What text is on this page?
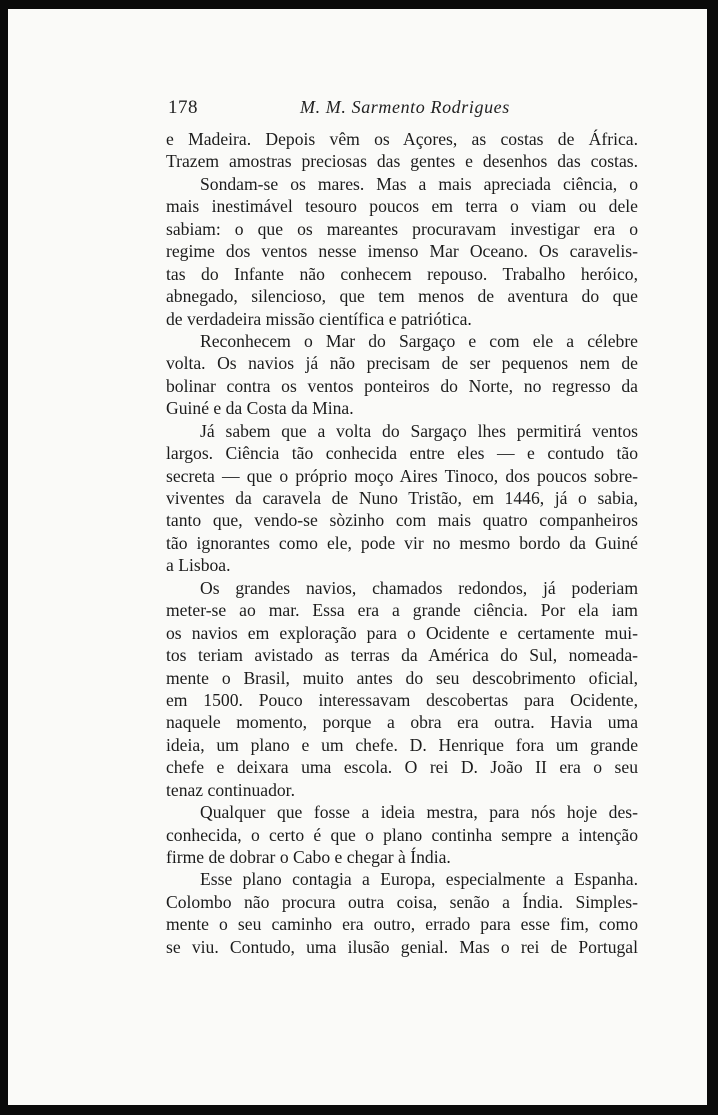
178	M. M. Sarmento Rodrigues
e Madeira. Depois vêm os Açores, as costas de África.
Trazem amostras preciosas das gentes e desenhos das costas.
Sondam-se os mares. Mas a mais apreciada ciência, o
mais inestimável tesouro poucos em terra o viam ou dele
sabiam: o que os mareantes procuravam investigar era o
regime dos ventos nesse imenso Mar Oceano. Os caravelis-
tas do Infante não conhecem repouso. Trabalho heróico,
abnegado, silencioso, que tem menos de aventura do que
de verdadeira missão científica e patriótica.
Reconhecem o Mar do Sargaço e com ele a célebre
volta. Os navios já não precisam de ser pequenos nem de
bolinar contra os ventos ponteiros do Norte, no regresso da
Guiné e da Costa da Mina.
Já sabem que a volta do Sargaço lhes permitirá ventos
largos. Ciência tão conhecida entre eles — e contudo tão
secreta — que o próprio moço Aires Tinoco, dos poucos sobre-
viventes da caravela de Nuno Tristão, em 1446, já o sabia,
tanto que, vendo-se sòzinho com mais quatro companheiros
tão ignorantes como ele, pode vir no mesmo bordo da Guiné
a Lisboa.
Os grandes navios, chamados redondos, já poderiam
meter-se ao mar. Essa era a grande ciência. Por ela iam
os navios em exploração para o Ocidente e certamente mui-
tos teriam avistado as terras da América do Sul, nomeada-
mente o Brasil, muito antes do seu descobrimento oficial,
em 1500. Pouco interessavam descobertas para Ocidente,
naquele momento, porque a obra era outra. Havia uma
ideia, um plano e um chefe. D. Henrique fora um grande
chefe e deixara uma escola. O rei D. João II era o seu
tenaz continuador.
Qualquer que fosse a ideia mestra, para nós hoje des-
conhecida, o certo é que o plano continha sempre a intenção
firme de dobrar o Cabo e chegar à Índia.
Esse plano contagia a Europa, especialmente a Espanha.
Colombo não procura outra coisa, senão a Índia. Simples-
mente o seu caminho era outro, errado para esse fim, como
se viu. Contudo, uma ilusão genial. Mas o rei de Portugal
